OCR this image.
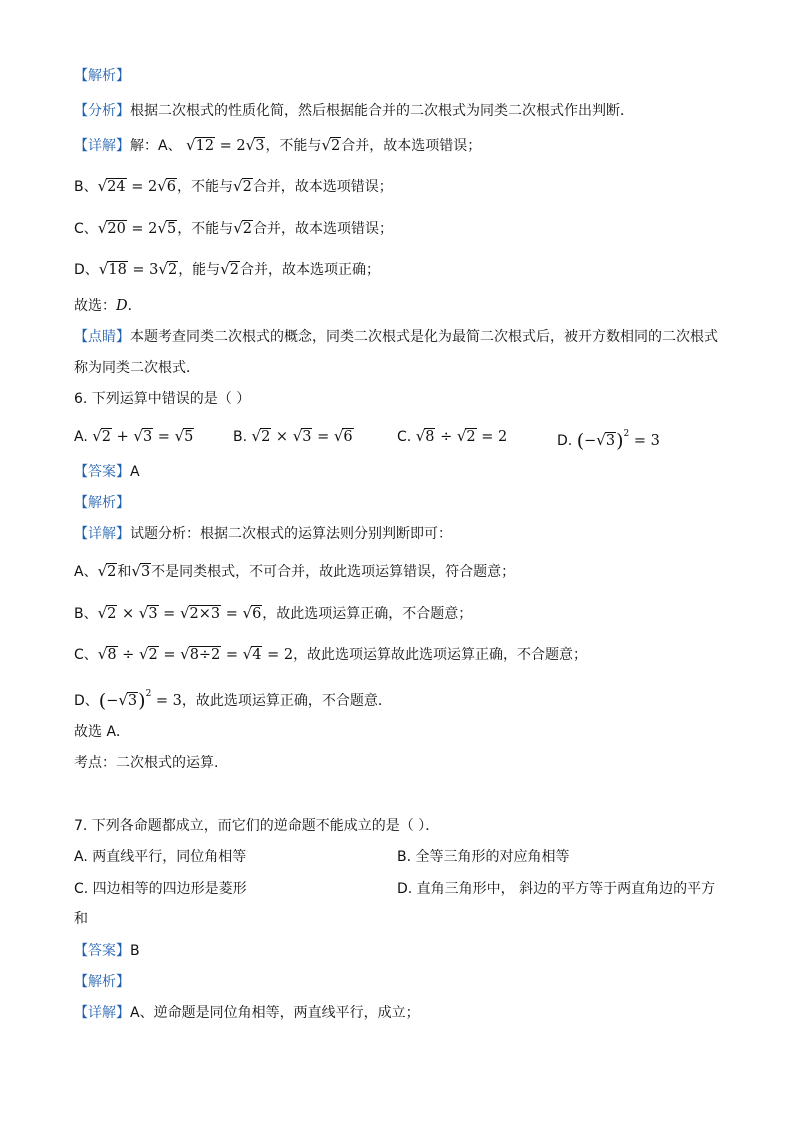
【解析】
【分析】根据二次根式的性质化简，然后根据能合并的二次根式为同类二次根式作出判断．
【详解】解：A、 √12 = 2√3，不能与√2合并，故本选项错误；
B、√24 = 2√6，不能与√2合并，故本选项错误；
C、√20 = 2√5，不能与√2合并，故本选项错误；
D、√18 = 3√2，能与√2合并，故本选项正确；
故选：D．
【点睛】本题考查同类二次根式的概念，同类二次根式是化为最简二次根式后，被开方数相同的二次根式
称为同类二次根式．
6. 下列运算中错误的是（ ）
A. √2 + √3 = √5	B. √2 × √3 = √6	C. √8 ÷ √2 = 2	D. $(-√3)^2 = 3$
【答案】A
【解析】
【详解】试题分析：根据二次根式的运算法则分别判断即可：
A、√2和√3不是同类根式，不可合并，故此选项运算错误，符合题意；
B、√2 × √3 = √2×3 = √6，故此选项运算正确，不合题意；
C、√8 ÷ √2 = √8÷2 = √4 = 2，故此选项运算故此选项运算正确，不合题意；
D、$(-√3)^2 = 3$，故此选项运算正确，不合题意．
故选 A．
考点：二次根式的运算.
7. 下列各命题都成立，而它们的逆命题不能成立的是（ ）．
A. 两直线平行，同位角相等	B. 全等三角形的对应角相等
C. 四边相等的四边形是菱形	D. 直角三角形中， 斜边的平方等于两直角边的平方
和
【答案】B
【解析】
【详解】A、逆命题是同位角相等，两直线平行，成立；
